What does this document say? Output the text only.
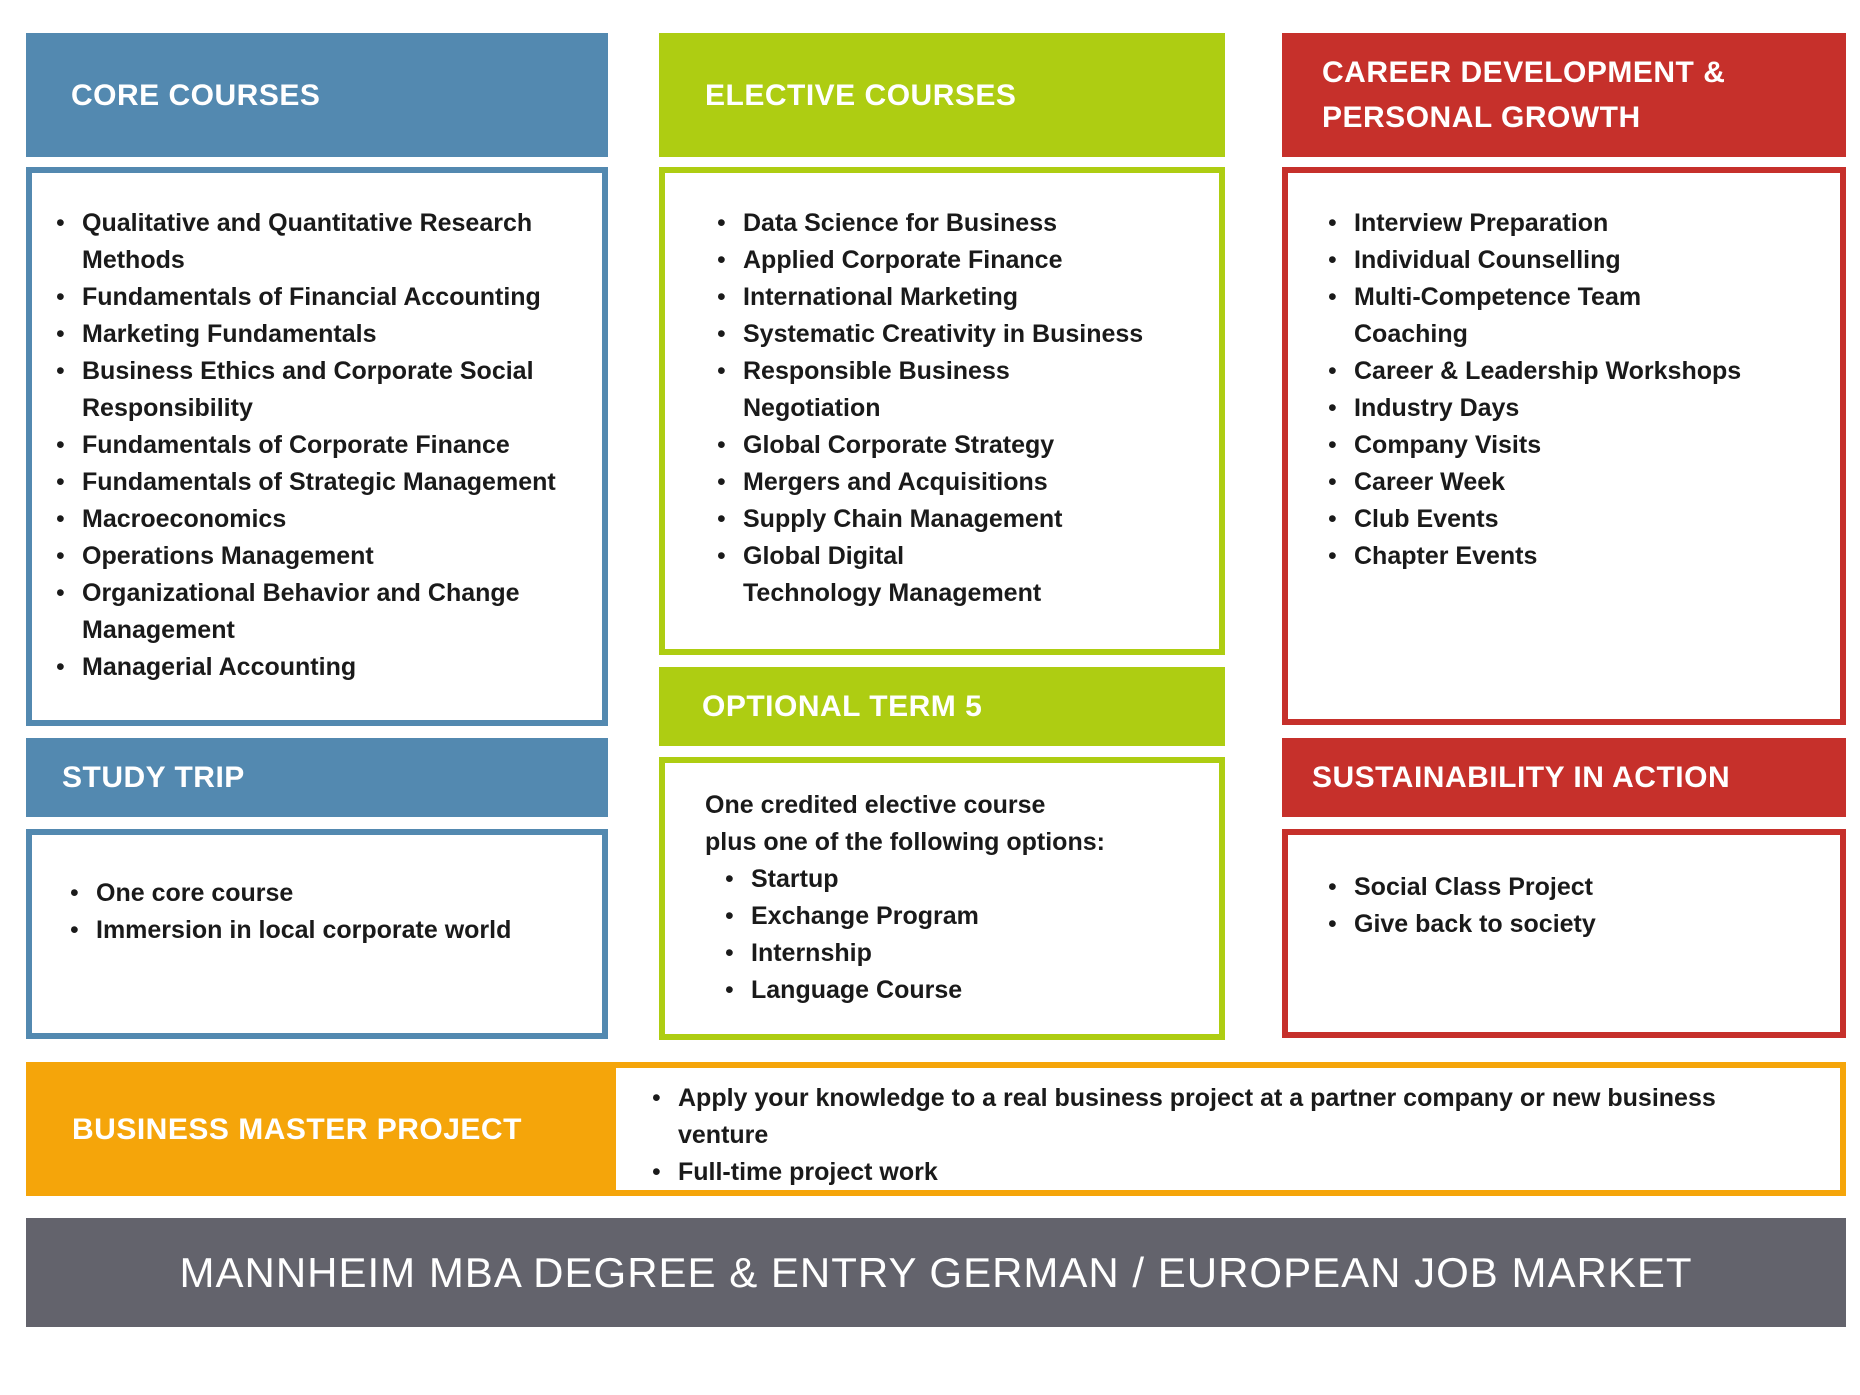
CORE COURSES
• Qualitative and Quantitative Research Methods
• Fundamentals of Financial Accounting
• Marketing Fundamentals
• Business Ethics and Corporate Social Responsibility
• Fundamentals of Corporate Finance
• Fundamentals of Strategic Management
• Macroeconomics
• Operations Management
• Organizational Behavior and Change Management
• Managerial Accounting
STUDY TRIP
• One core course
• Immersion in local corporate world
ELECTIVE COURSES
• Data Science for Business
• Applied Corporate Finance
• International Marketing
• Systematic Creativity in Business
• Responsible Business Negotiation
• Global Corporate Strategy
• Mergers and Acquisitions
• Supply Chain Management
• Global Digital Technology Management
OPTIONAL TERM 5
One credited elective course
plus one of the following options:
• Startup
• Exchange Program
• Internship
• Language Course
CAREER DEVELOPMENT & PERSONAL GROWTH
• Interview Preparation
• Individual Counselling
• Multi-Competence Team Coaching
• Career & Leadership Workshops
• Industry Days
• Company Visits
• Career Week
• Club Events
• Chapter Events
SUSTAINABILITY IN ACTION
• Social Class Project
• Give back to society
BUSINESS MASTER PROJECT
• Apply your knowledge to a real business project at a partner company or new business venture
• Full-time project work
MANNHEIM MBA DEGREE & ENTRY GERMAN / EUROPEAN JOB MARKET
